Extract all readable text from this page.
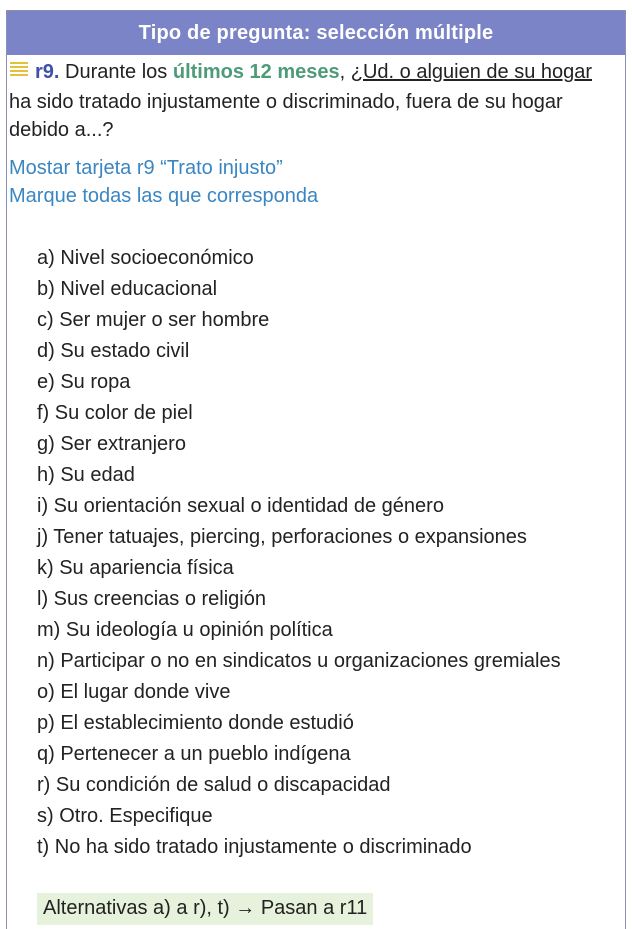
Tipo de pregunta: selección múltiple
r9. Durante los últimos 12 meses, ¿Ud. o alguien de su hogar ha sido tratado injustamente o discriminado, fuera de su hogar debido a...?
Mostar tarjeta r9 “Trato injusto”
Marque todas las que corresponda
a) Nivel socioeconómico
b) Nivel educacional
c) Ser mujer o ser hombre
d) Su estado civil
e) Su ropa
f) Su color de piel
g) Ser extranjero
h) Su edad
i) Su orientación sexual o identidad de género
j) Tener tatuajes, piercing, perforaciones o expansiones
k) Su apariencia física
l) Sus creencias o religión
m) Su ideología u opinión política
n) Participar o no en sindicatos u organizaciones gremiales
o) El lugar donde vive
p) El establecimiento donde estudió
q) Pertenecer a un pueblo indígena
r) Su condición de salud o discapacidad
s) Otro. Especifique
t) No ha sido tratado injustamente o discriminado
Alternativas a) a r), t) → Pasan a r11
